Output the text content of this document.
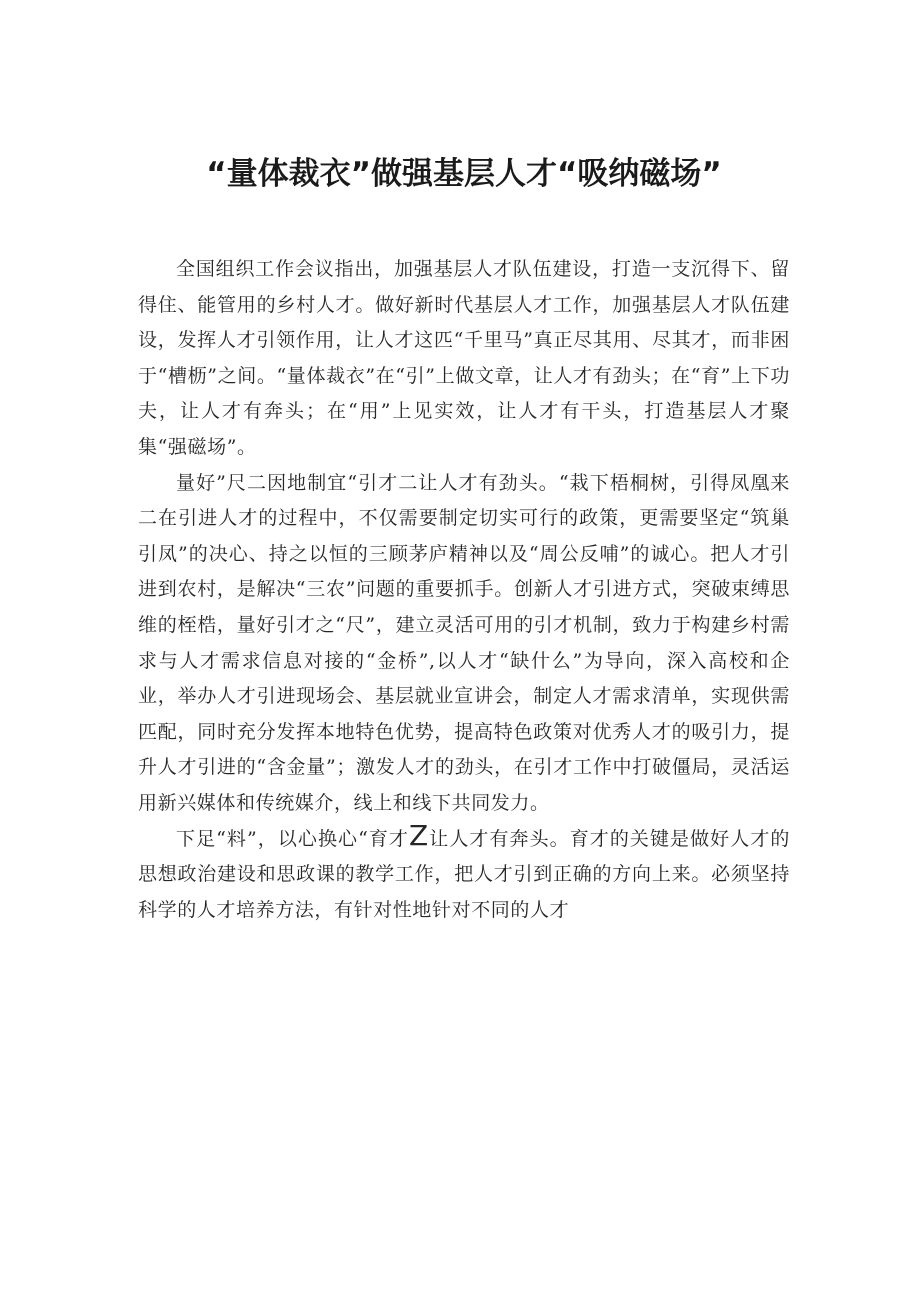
“量体裁衣”做强基层人才“吸纳磁场”

全国组织工作会议指出，加强基层人才队伍建设，打造一支沉得下、留得住、能管用的乡村人才。做好新时代基层人才工作，加强基层人才队伍建设，发挥人才引领作用，让人才这匹“千里马”真正尽其用、尽其才，而非困于“槽枥”之间。“量体裁衣”在“引”上做文章，让人才有劲头；在“育”上下功夫，让人才有奔头；在“用”上见实效，让人才有干头，打造基层人才聚集“强磁场”。

量好”尺二因地制宜“引才二让人才有劲头。“栽下梧桐树，引得凤凰来二在引进人才的过程中，不仅需要制定切实可行的政策，更需要坚定“筑巢引凤”的决心、持之以恒的三顾茅庐精神以及“周公反哺”的诚心。把人才引进到农村，是解决“三农”问题的重要抓手。创新人才引进方式，突破束缚思维的桎梏，量好引才之“尺”，建立灵活可用的引才机制，致力于构建乡村需求与人才需求信息对接的“金桥”,以人才“缺什么”为导向，深入高校和企业，举办人才引进现场会、基层就业宣讲会，制定人才需求清单，实现供需匹配，同时充分发挥本地特色优势，提高特色政策对优秀人才的吸引力，提升人才引进的“含金量”；激发人才的劲头，在引才工作中打破僵局，灵活运用新兴媒体和传统媒介，线上和线下共同发力。

下足“料”，以心换心“育才Z让人才有奔头。育才的关键是做好人才的思想政治建设和思政课的教学工作，把人才引到正确的方向上来。必须坚持科学的人才培养方法，有针对性地针对不同的人才
